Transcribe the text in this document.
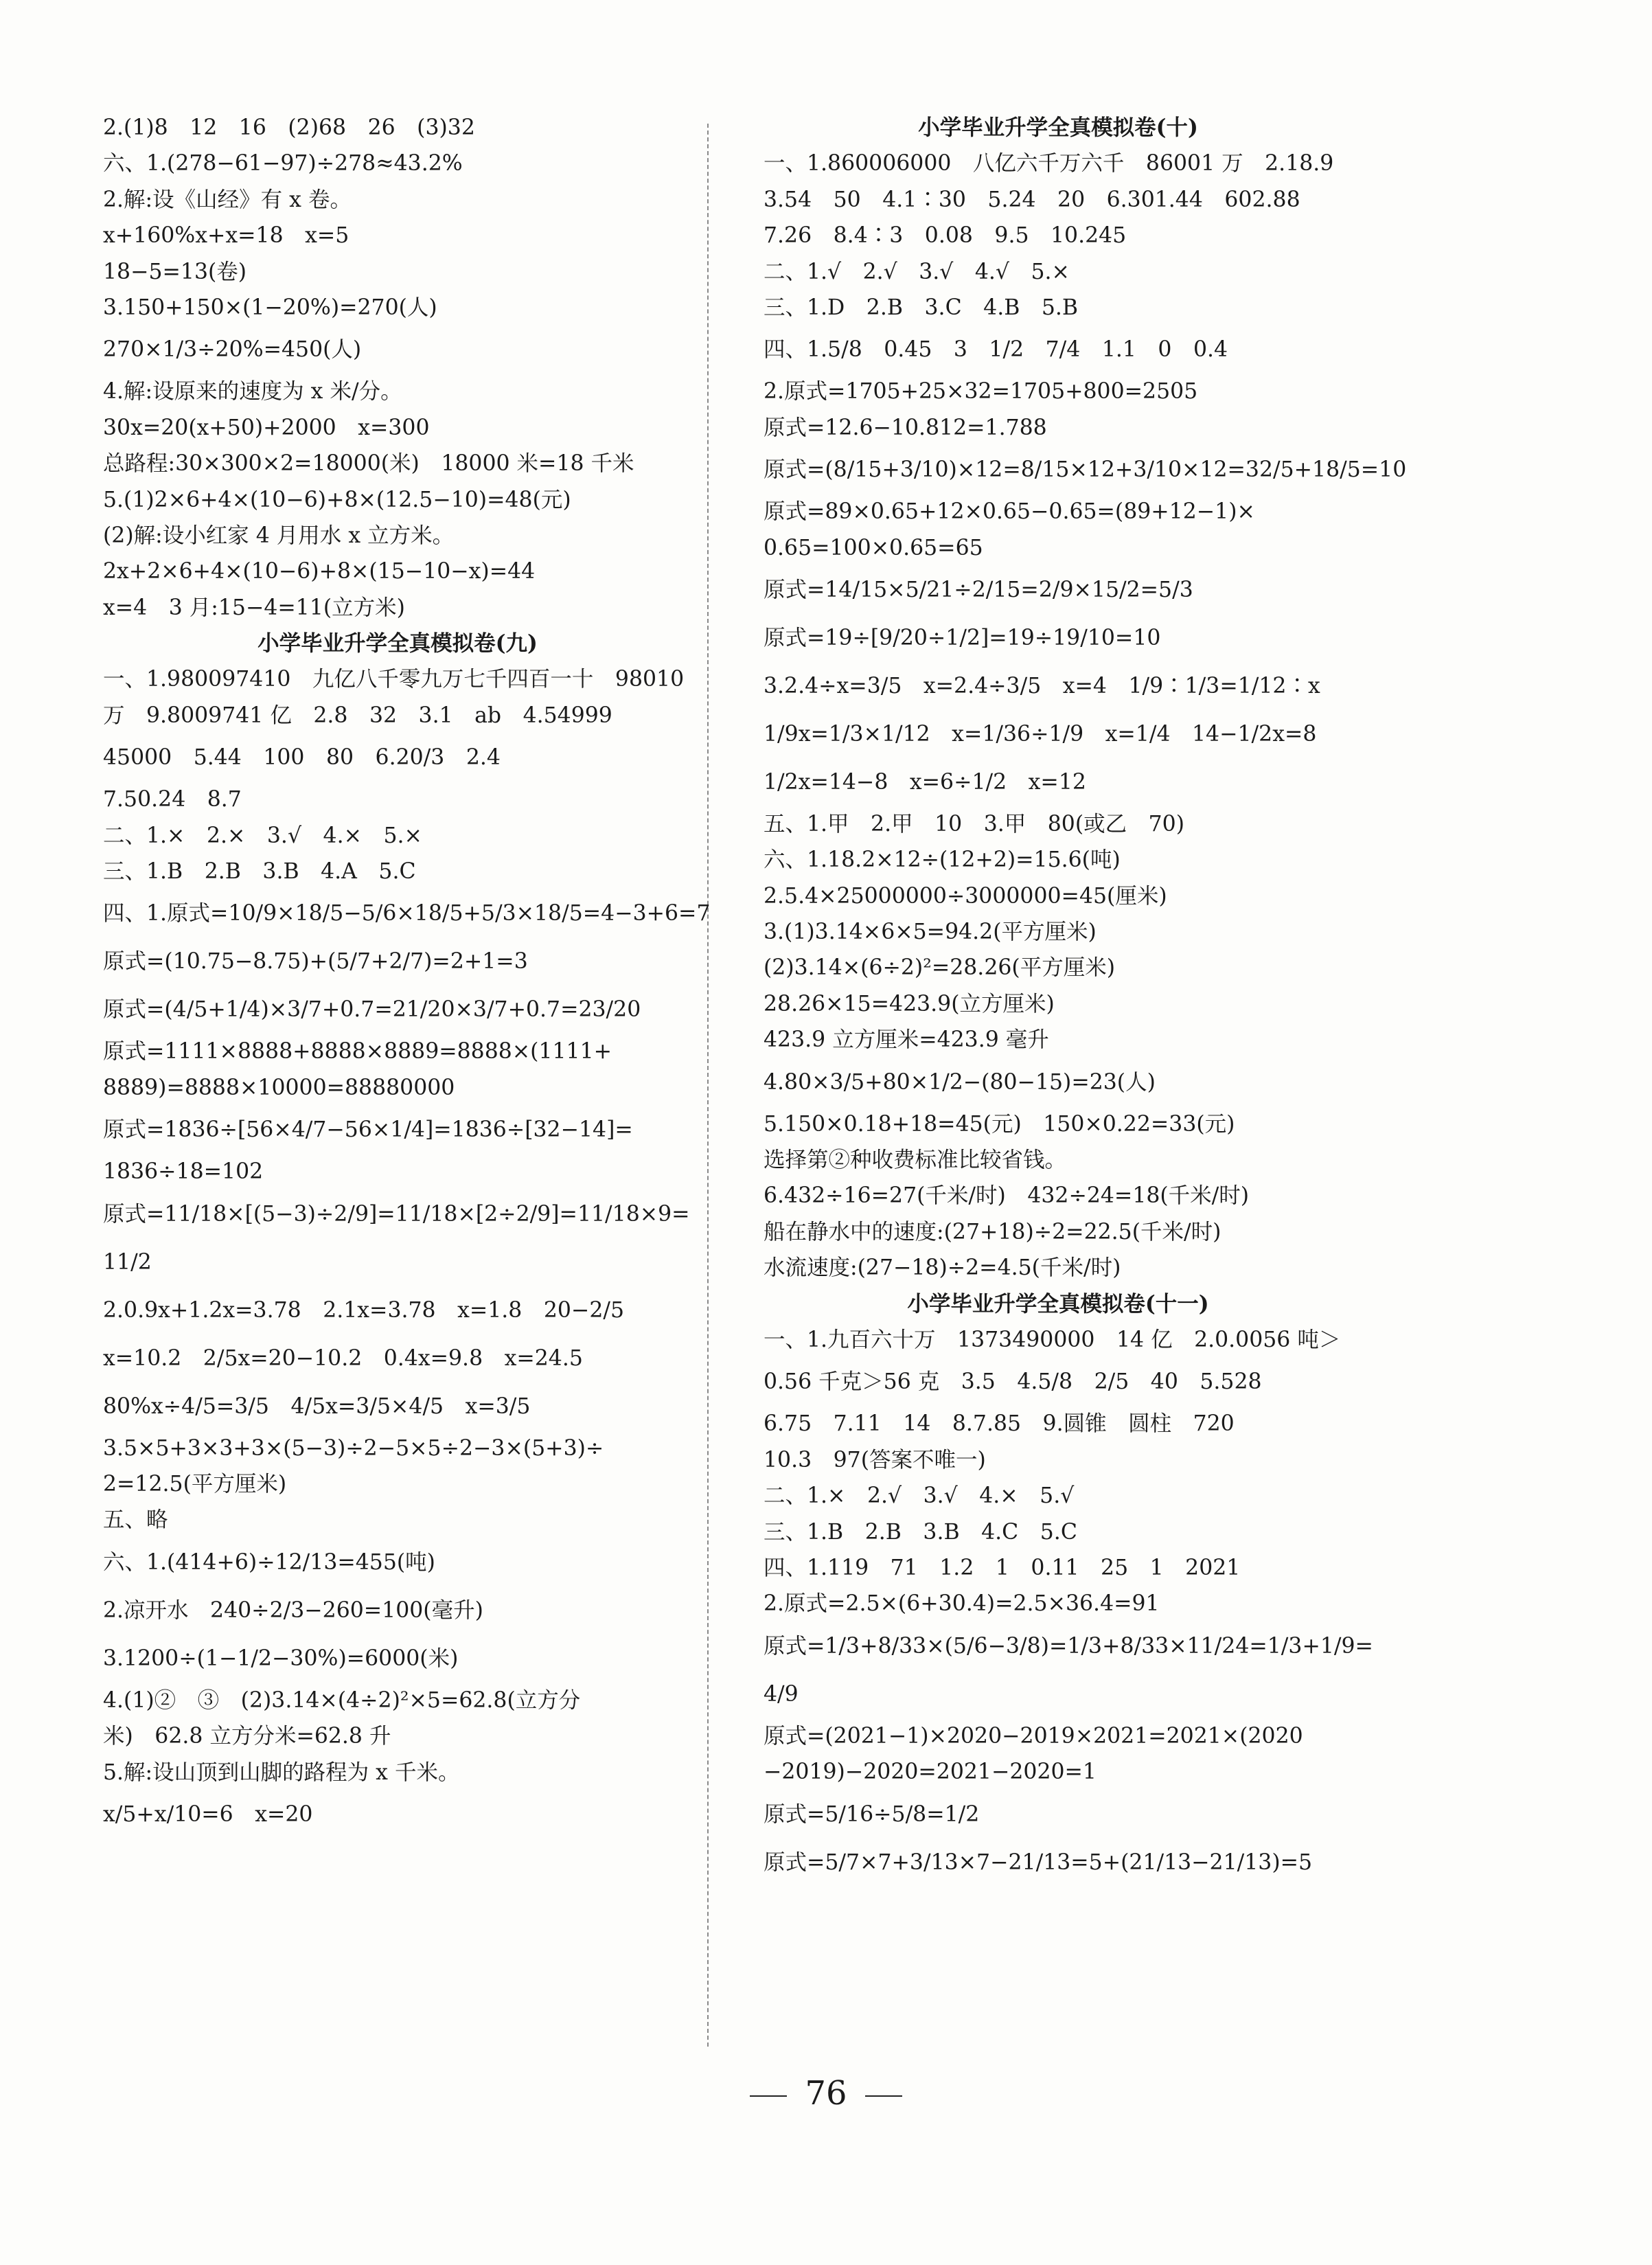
2.(1)8　12　16　(2)68　26　(3)32
六、1.(278−61−97)÷278≈43.2%
2.解:设《山经》有 x 卷。
x+160%x+x=18　x=5
18−5=13(卷)
3.150+150×(1−20%)=270(人)
270×1/3÷20%=450(人)
4.解:设原来的速度为 x 米/分。
30x=20(x+50)+2000　x=300
总路程:30×300×2=18000(米)　18000 米=18 千米
5.(1)2×6+4×(10−6)+8×(12.5−10)=48(元)
(2)解:设小红家 4 月用水 x 立方米。
2x+2×6+4×(10−6)+8×(15−10−x)=44
x=4　3 月:15−4=11(立方米)
小学毕业升学全真模拟卷(九)
一、1.980097410　九亿八千零九万七千四百一十　98010
万　9.8009741 亿　2.8　32　3.1　ab　4.54999
45000　5.44　100　80　6.20/3　2.4
7.50.24　8.7
二、1.×　2.×　3.√　4.×　5.×
三、1.B　2.B　3.B　4.A　5.C
四、1.原式=10/9×18/5−5/6×18/5+5/3×18/5=4−3+6=7
原式=(10.75−8.75)+(5/7+2/7)=2+1=3
原式=(4/5+1/4)×3/7+0.7=21/20×3/7+0.7=23/20
原式=1111×8888+8888×8889=8888×(1111+
8889)=8888×10000=88880000
原式=1836÷[56×4/7−56×1/4]=1836÷[32−14]=
1836÷18=102
原式=11/18×[(5−3)÷2/9]=11/18×[2÷2/9]=11/18×9=
11/2
2.0.9x+1.2x=3.78　2.1x=3.78　x=1.8　20−2/5
x=10.2　2/5x=20−10.2　0.4x=9.8　x=24.5
80%x÷4/5=3/5　4/5x=3/5×4/5　x=3/5
3.5×5+3×3+3×(5−3)÷2−5×5÷2−3×(5+3)÷
2=12.5(平方厘米)
五、略
六、1.(414+6)÷12/13=455(吨)
2.凉开水　240÷2/3−260=100(毫升)
3.1200÷(1−1/2−30%)=6000(米)
4.(1)②　③　(2)3.14×(4÷2)²×5=62.8(立方分
米)　62.8 立方分米=62.8 升
5.解:设山顶到山脚的路程为 x 千米。
x/5+x/10=6　x=20
小学毕业升学全真模拟卷(十)
一、1.860006000　八亿六千万六千　86001 万　2.18.9
3.54　50　4.1∶30　5.24　20　6.301.44　602.88
7.26　8.4∶3　0.08　9.5　10.245
二、1.√　2.√　3.√　4.√　5.×
三、1.D　2.B　3.C　4.B　5.B
四、1.5/8　0.45　3　1/2　7/4　1.1　0　0.4
2.原式=1705+25×32=1705+800=2505
原式=12.6−10.812=1.788
原式=(8/15+3/10)×12=8/15×12+3/10×12=32/5+18/5=10
原式=89×0.65+12×0.65−0.65=(89+12−1)×
0.65=100×0.65=65
原式=14/15×5/21÷2/15=2/9×15/2=5/3
原式=19÷[9/20÷1/2]=19÷19/10=10
3.2.4÷x=3/5　x=2.4÷3/5　x=4　1/9∶1/3=1/12∶x
1/9x=1/3×1/12　x=1/36÷1/9　x=1/4　14−1/2x=8
1/2x=14−8　x=6÷1/2　x=12
五、1.甲　2.甲　10　3.甲　80(或乙　70)
六、1.18.2×12÷(12+2)=15.6(吨)
2.5.4×25000000÷3000000=45(厘米)
3.(1)3.14×6×5=94.2(平方厘米)
(2)3.14×(6÷2)²=28.26(平方厘米)
28.26×15=423.9(立方厘米)
423.9 立方厘米=423.9 毫升
4.80×3/5+80×1/2−(80−15)=23(人)
5.150×0.18+18=45(元)　150×0.22=33(元)
选择第②种收费标准比较省钱。
6.432÷16=27(千米/时)　432÷24=18(千米/时)
船在静水中的速度:(27+18)÷2=22.5(千米/时)
水流速度:(27−18)÷2=4.5(千米/时)
小学毕业升学全真模拟卷(十一)
一、1.九百六十万　1373490000　14 亿　2.0.0056 吨＞
0.56 千克＞56 克　3.5　4.5/8　2/5　40　5.528
6.75　7.11　14　8.7.85　9.圆锥　圆柱　720
10.3　97(答案不唯一)
二、1.×　2.√　3.√　4.×　5.√
三、1.B　2.B　3.B　4.C　5.C
四、1.119　71　1.2　1　0.11　25　1　2021
2.原式=2.5×(6+30.4)=2.5×36.4=91
原式=1/3+8/33×(5/6−3/8)=1/3+8/33×11/24=1/3+1/9=
4/9
原式=(2021−1)×2020−2019×2021=2021×(2020
−2019)−2020=2021−2020=1
原式=5/16÷5/8=1/2
原式=5/7×7+3/13×7−21/13=5+(21/13−21/13)=5
76
